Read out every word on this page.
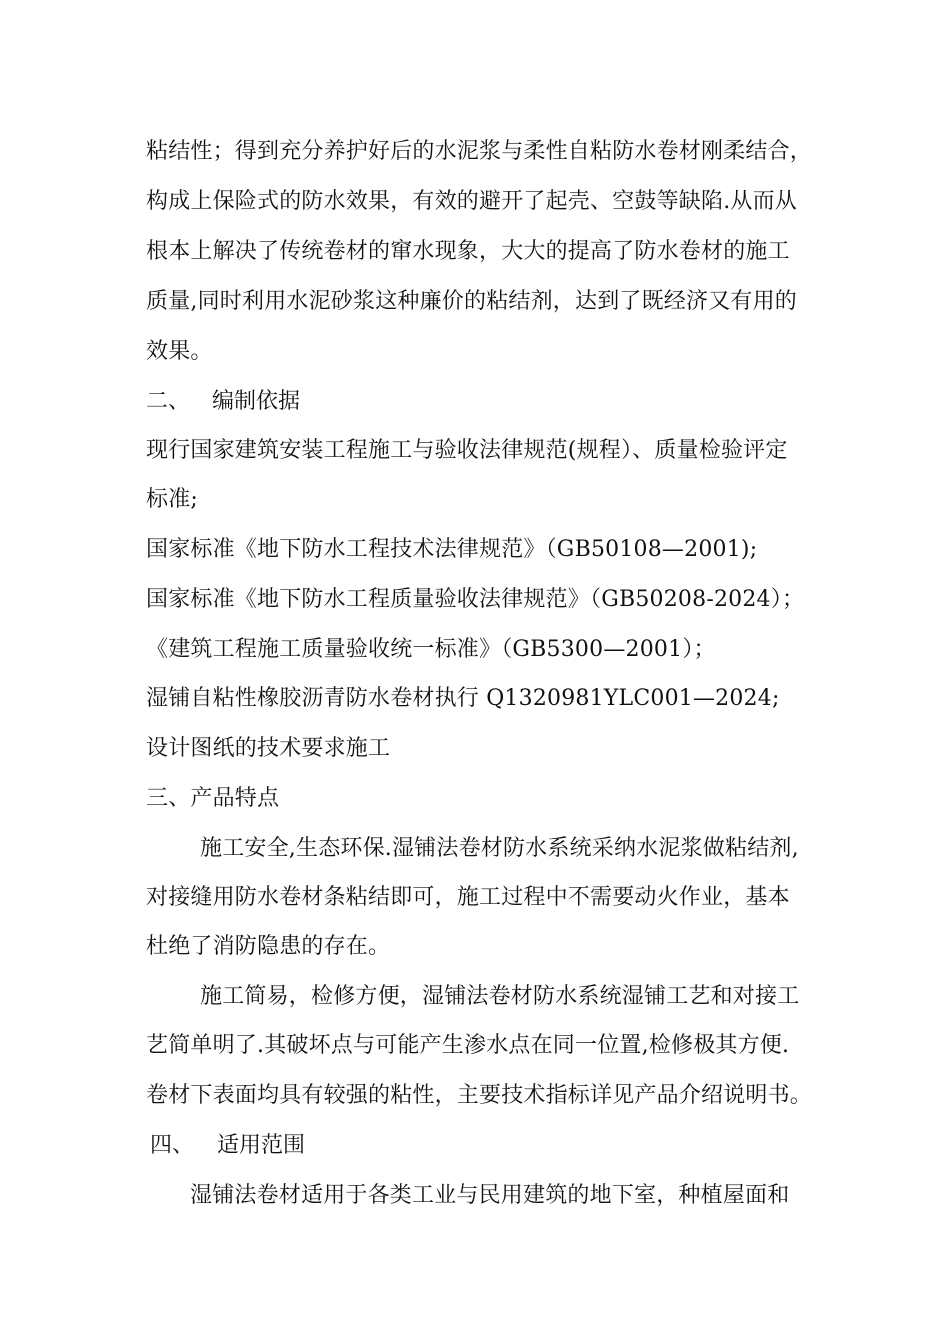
粘结性；得到充分养护好后的水泥浆与柔性自粘防水卷材刚柔结合，
构成上保险式的防水效果，有效的避开了起壳、空鼓等缺陷.从而从
根本上解决了传统卷材的窜水现象，大大的提高了防水卷材的施工
质量,同时利用水泥砂浆这种廉价的粘结剂，达到了既经济又有用的
效果。
二、 编制依据
现行国家建筑安装工程施工与验收法律规范(规程）、质量检验评定
标准;
国家标准《地下防水工程技术法律规范》（GB50108—2001);
国家标准《地下防水工程质量验收法律规范》（GB50208-2024）；
《建筑工程施工质量验收统一标准》（GB5300—2001）；
湿铺自粘性橡胶沥青防水卷材执行 Q1320981YLC001—2024;
设计图纸的技术要求施工
三、产品特点
施工安全,生态环保.湿铺法卷材防水系统采纳水泥浆做粘结剂,
对接缝用防水卷材条粘结即可，施工过程中不需要动火作业，基本
杜绝了消防隐患的存在。
施工简易，检修方便，湿铺法卷材防水系统湿铺工艺和对接工
艺简单明了.其破坏点与可能产生渗水点在同一位置,检修极其方便.
卷材下表面均具有较强的粘性，主要技术指标详见产品介绍说明书。
四、 适用范围
湿铺法卷材适用于各类工业与民用建筑的地下室，种植屋面和
